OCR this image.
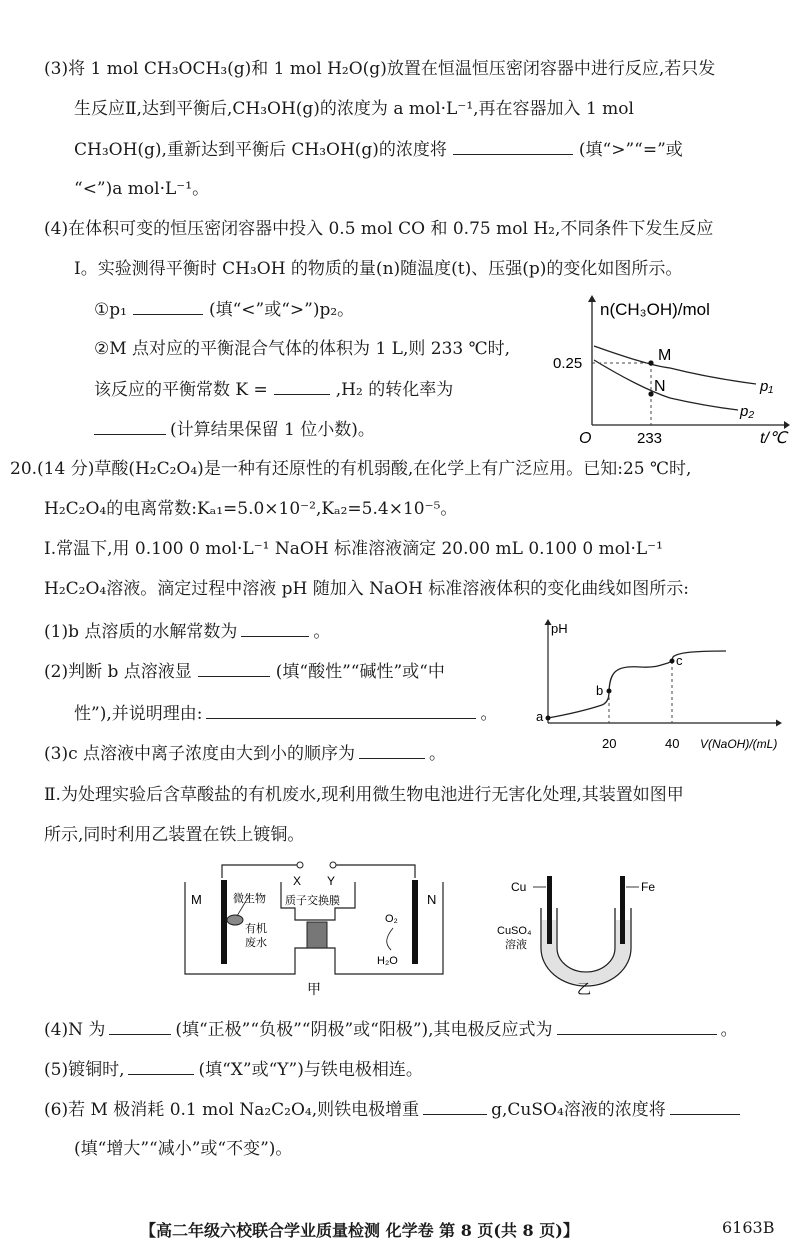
(3)将 1 mol CH₃OCH₃(g)和 1 mol H₂O(g)放置在恒温恒压密闭容器中进行反应,若只发
生反应Ⅱ,达到平衡后,CH₃OH(g)的浓度为 a mol·L⁻¹,再在容器加入 1 mol
CH₃OH(g),重新达到平衡后 CH₃OH(g)的浓度将	(填“>”“=”或
“<”)a mol·L⁻¹。
(4)在体积可变的恒压密闭容器中投入 0.5 mol CO 和 0.75 mol H₂,不同条件下发生反应
Ⅰ。实验测得平衡时 CH₃OH 的物质的量(n)随温度(t)、压强(p)的变化如图所示。
①p₁	(填“<”或“>”)p₂。
②M 点对应的平衡混合气体的体积为 1 L,则 233 ℃时,
该反应的平衡常数 K =	,H₂ 的转化率为
(计算结果保留 1 位小数)。
n(CH₃OH)/mol
t/℃
O
0.25
233
M
N	p₁
p₂
20.(14 分)草酸(H₂C₂O₄)是一种有还原性的有机弱酸,在化学上有广泛应用。已知:25 ℃时,
H₂C₂O₄的电离常数:Kₐ₁=5.0×10⁻²,Kₐ₂=5.4×10⁻⁵。
Ⅰ.常温下,用 0.100 0 mol·L⁻¹ NaOH 标准溶液滴定 20.00 mL 0.100 0 mol·L⁻¹
H₂C₂O₄溶液。滴定过程中溶液 pH 随加入 NaOH 标准溶液体积的变化曲线如图所示:
(1)b 点溶质的水解常数为	。
(2)判断 b 点溶液显	(填“酸性”“碱性”或“中
性”),并说明理由:	。
(3)c 点溶液中离子浓度由大到小的顺序为	。
pH
V(NaOH)/(mL)
20	40
a
b
c
Ⅱ.为处理实验后含草酸盐的有机废水,现利用微生物电池进行无害化处理,其装置如图甲
所示,同时利用乙装置在铁上镀铜。
X Y
M	N
微生物
有机
废水
质子交换膜
O₂
H₂O
甲
Cu	Fe
CuSO₄
溶液
乙
(4)N 为	(填“正极”“负极”“阴极”或“阳极”),其电极反应式为	。
(5)镀铜时,	(填“X”或“Y”)与铁电极相连。
(6)若 M 极消耗 0.1 mol Na₂C₂O₄,则铁电极增重	g,CuSO₄溶液的浓度将
(填“增大”“减小”或“不变”)。
【高二年级六校联合学业质量检测 化学卷 第 8 页(共 8 页)】	6163B
